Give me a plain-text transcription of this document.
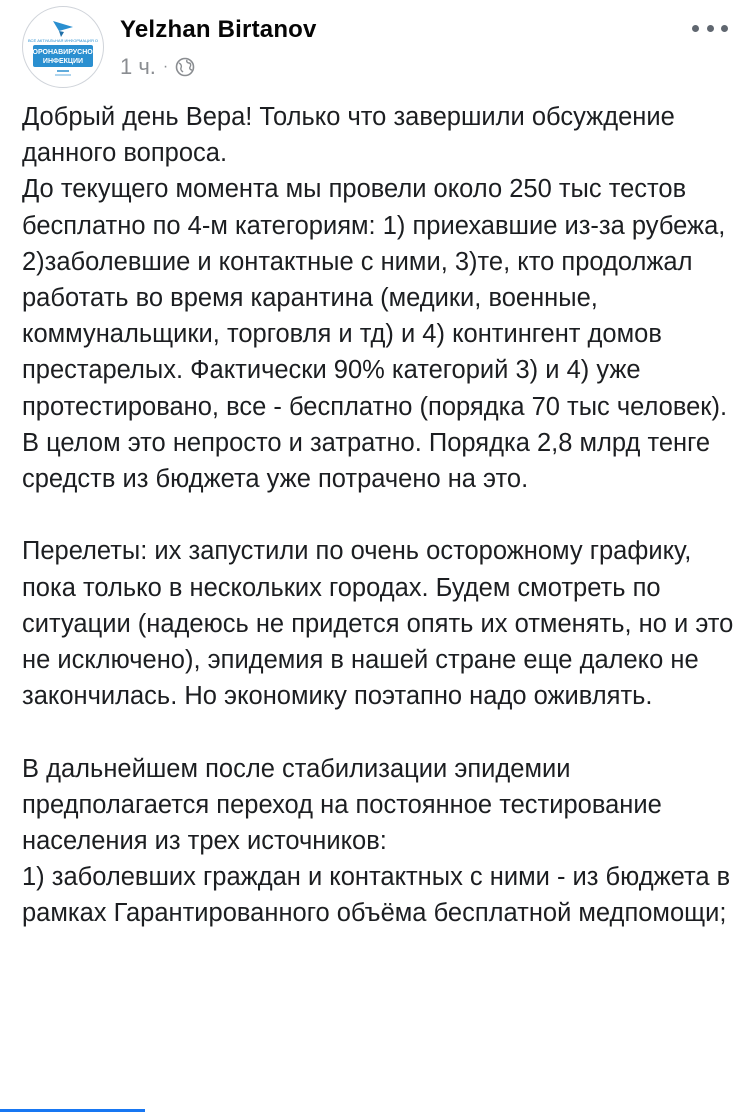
ВСЁ АКТУАЛЬНАЯ ИНФОРМАЦИЯ О
КОРОНАВИРУСНОЙ
ИНФЕКЦИИ
Yelzhan Birtanov
1 ч. ·

Добрый день Вера! Только что завершили обсуждение данного вопроса.
До текущего момента мы провели около 250 тыс тестов бесплатно по 4-м категориям: 1) приехавшие из-за рубежа, 2)заболевшие и контактные с ними, 3)те, кто продолжал работать во время карантина (медики, военные, коммунальщики, торговля и тд) и 4) контингент домов престарелых. Фактически 90% категорий 3) и 4) уже протестировано, все - бесплатно (порядка 70 тыс человек).
В целом это непросто и затратно. Порядка 2,8 млрд тенге средств из бюджета уже потрачено на это.

Перелеты: их запустили по очень осторожному графику, пока только в нескольких городах. Будем смотреть по ситуации (надеюсь не придется опять их отменять, но и это не исключено), эпидемия в нашей стране еще далеко не закончилась. Но экономику поэтапно надо оживлять.

В дальнейшем после стабилизации эпидемии предполагается переход на постоянное тестирование населения из трех источников:
1) заболевших граждан и контактных с ними - из бюджета в рамках Гарантированного объёма бесплатной медпомощи;
